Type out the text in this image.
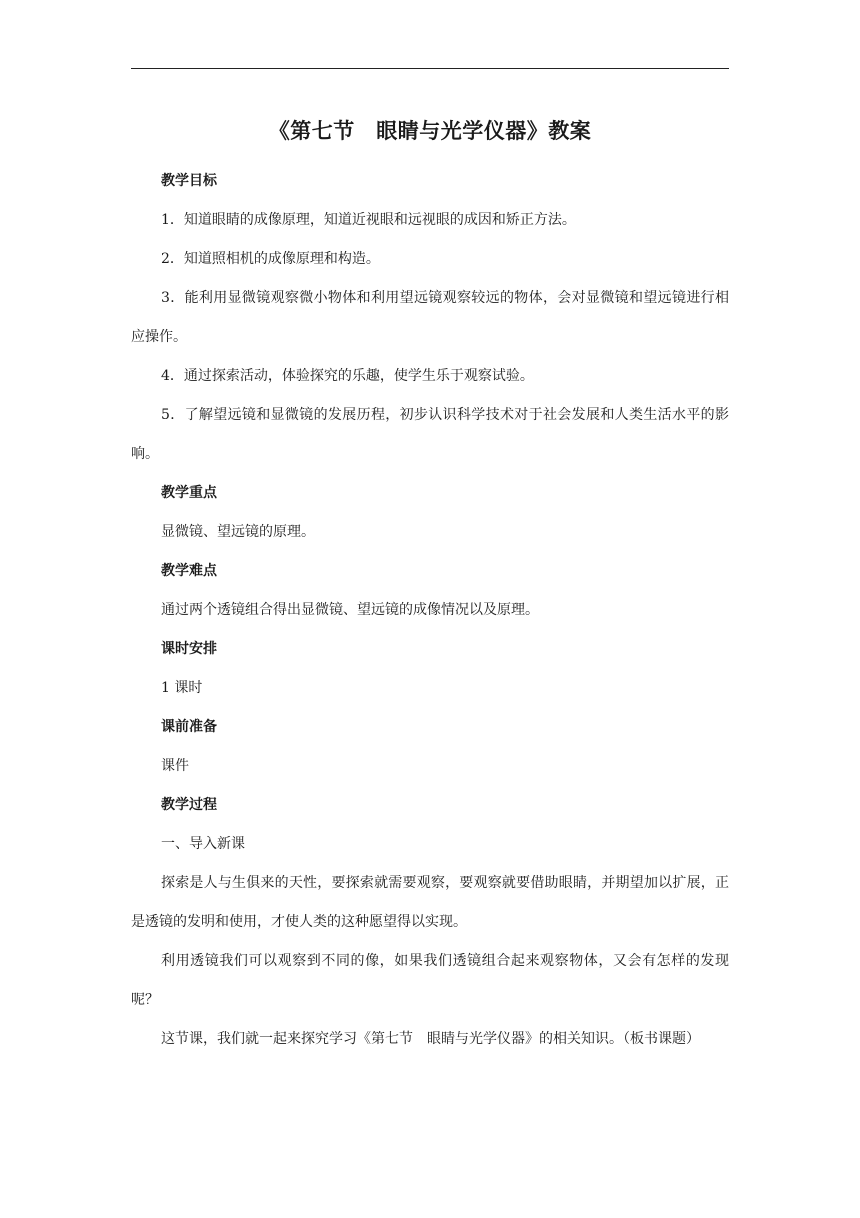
《第七节　眼睛与光学仪器》教案
教学目标

1．知道眼睛的成像原理，知道近视眼和远视眼的成因和矫正方法。

2．知道照相机的成像原理和构造。

3．能利用显微镜观察微小物体和利用望远镜观察较远的物体，会对显微镜和望远镜进行相应操作。

4．通过探索活动，体验探究的乐趣，使学生乐于观察试验。

5．了解望远镜和显微镜的发展历程，初步认识科学技术对于社会发展和人类生活水平的影响。

教学重点
显微镜、望远镜的原理。
教学难点
通过两个透镜组合得出显微镜、望远镜的成像情况以及原理。
课时安排
1 课时
课前准备
课件
教学过程
一、导入新课

探索是人与生俱来的天性，要探索就需要观察，要观察就要借助眼睛，并期望加以扩展，正是透镜的发明和使用，才使人类的这种愿望得以实现。

利用透镜我们可以观察到不同的像，如果我们透镜组合起来观察物体，又会有怎样的发现呢？

这节课，我们就一起来探究学习《第七节　眼睛与光学仪器》的相关知识。（板书课题）
